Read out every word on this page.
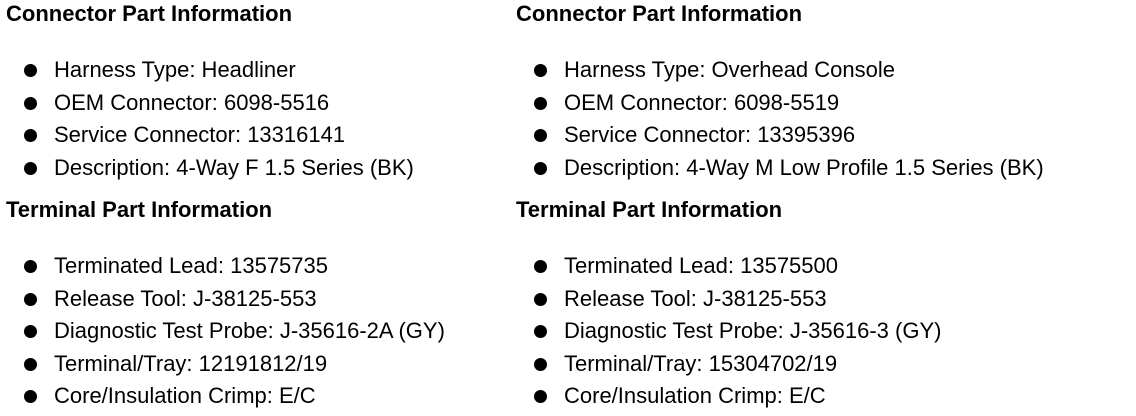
Connector Part Information
Harness Type: Headliner
OEM Connector: 6098-5516
Service Connector: 13316141
Description: 4-Way F 1.5 Series (BK)
Terminal Part Information
Terminated Lead: 13575735
Release Tool: J-38125-553
Diagnostic Test Probe: J-35616-2A (GY)
Terminal/Tray: 12191812/19
Core/Insulation Crimp: E/C
Connector Part Information
Harness Type: Overhead Console
OEM Connector: 6098-5519
Service Connector: 13395396
Description: 4-Way M Low Profile 1.5 Series (BK)
Terminal Part Information
Terminated Lead: 13575500
Release Tool: J-38125-553
Diagnostic Test Probe: J-35616-3 (GY)
Terminal/Tray: 15304702/19
Core/Insulation Crimp: E/C
